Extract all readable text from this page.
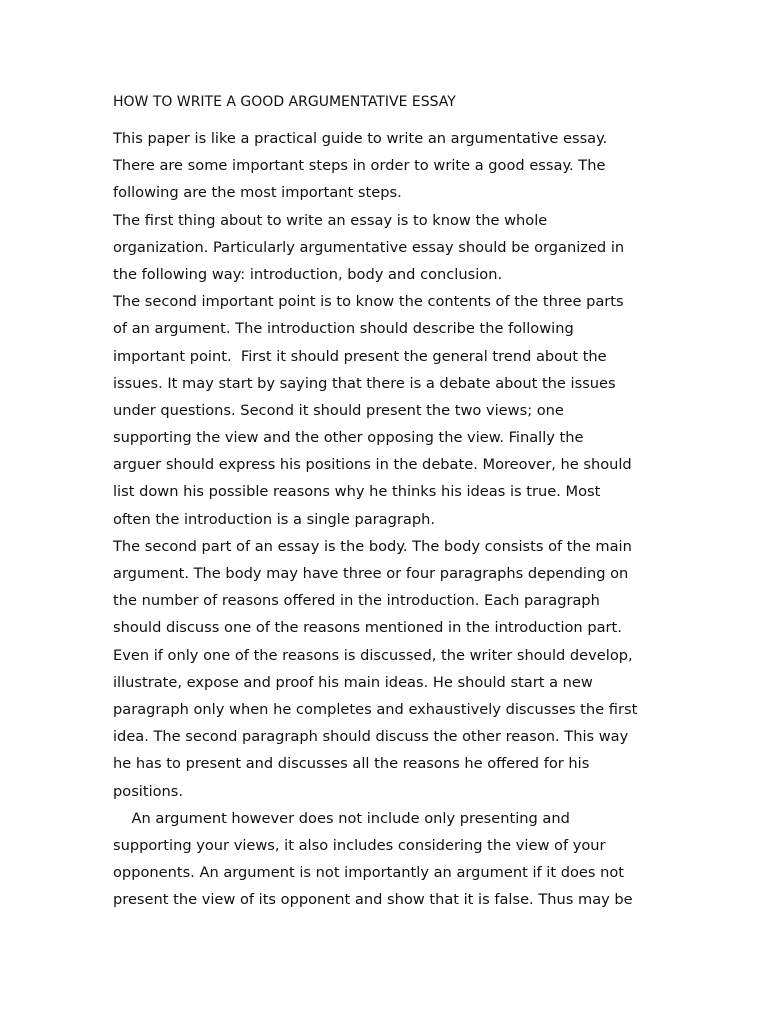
HOW TO WRITE A GOOD ARGUMENTATIVE ESSAY
This paper is like a practical guide to write an argumentative essay.
There are some important steps in order to write a good essay. The
following are the most important steps.
The first thing about to write an essay is to know the whole
organization. Particularly argumentative essay should be organized in
the following way: introduction, body and conclusion.
The second important point is to know the contents of the three parts
of an argument. The introduction should describe the following
important point.  First it should present the general trend about the
issues. It may start by saying that there is a debate about the issues
under questions. Second it should present the two views; one
supporting the view and the other opposing the view. Finally the
arguer should express his positions in the debate. Moreover, he should
list down his possible reasons why he thinks his ideas is true. Most
often the introduction is a single paragraph.
The second part of an essay is the body. The body consists of the main
argument. The body may have three or four paragraphs depending on
the number of reasons offered in the introduction. Each paragraph
should discuss one of the reasons mentioned in the introduction part.
Even if only one of the reasons is discussed, the writer should develop,
illustrate, expose and proof his main ideas. He should start a new
paragraph only when he completes and exhaustively discusses the first
idea. The second paragraph should discuss the other reason. This way
he has to present and discusses all the reasons he offered for his
positions.
An argument however does not include only presenting and
supporting your views, it also includes considering the view of your
opponents. An argument is not importantly an argument if it does not
present the view of its opponent and show that it is false. Thus may be
